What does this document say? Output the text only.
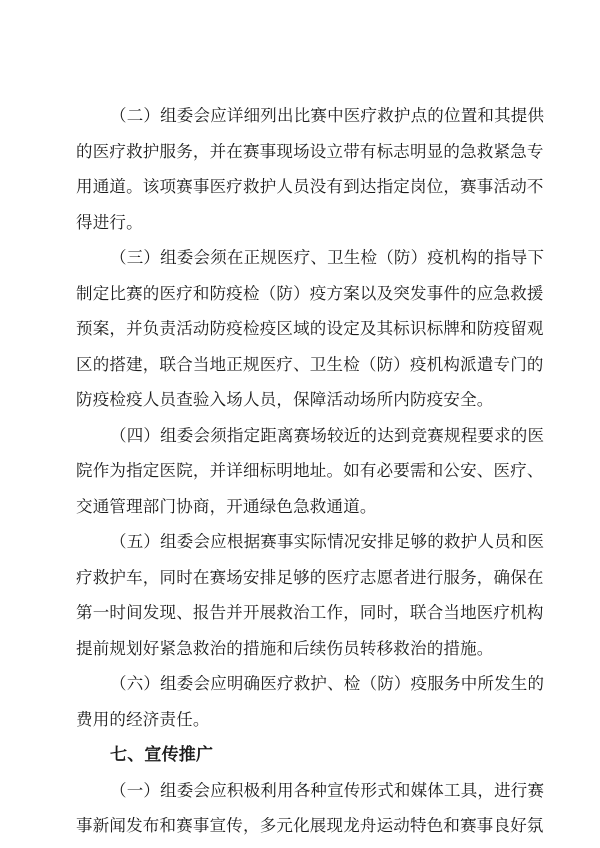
（二）组委会应详细列出比赛中医疗救护点的位置和其提供
的医疗救护服务，并在赛事现场设立带有标志明显的急救紧急专
用通道。该项赛事医疗救护人员没有到达指定岗位，赛事活动不
得进行。
（三）组委会须在正规医疗、卫生检（防）疫机构的指导下
制定比赛的医疗和防疫检（防）疫方案以及突发事件的应急救援
预案，并负责活动防疫检疫区域的设定及其标识标牌和防疫留观
区的搭建，联合当地正规医疗、卫生检（防）疫机构派遣专门的
防疫检疫人员查验入场人员，保障活动场所内防疫安全。
（四）组委会须指定距离赛场较近的达到竞赛规程要求的医
院作为指定医院，并详细标明地址。如有必要需和公安、医疗、
交通管理部门协商，开通绿色急救通道。
（五）组委会应根据赛事实际情况安排足够的救护人员和医
疗救护车，同时在赛场安排足够的医疗志愿者进行服务，确保在
第一时间发现、报告并开展救治工作，同时，联合当地医疗机构
提前规划好紧急救治的措施和后续伤员转移救治的措施。
（六）组委会应明确医疗救护、检（防）疫服务中所发生的
费用的经济责任。
七、宣传推广
（一）组委会应积极利用各种宣传形式和媒体工具，进行赛
事新闻发布和赛事宣传，多元化展现龙舟运动特色和赛事良好氛
